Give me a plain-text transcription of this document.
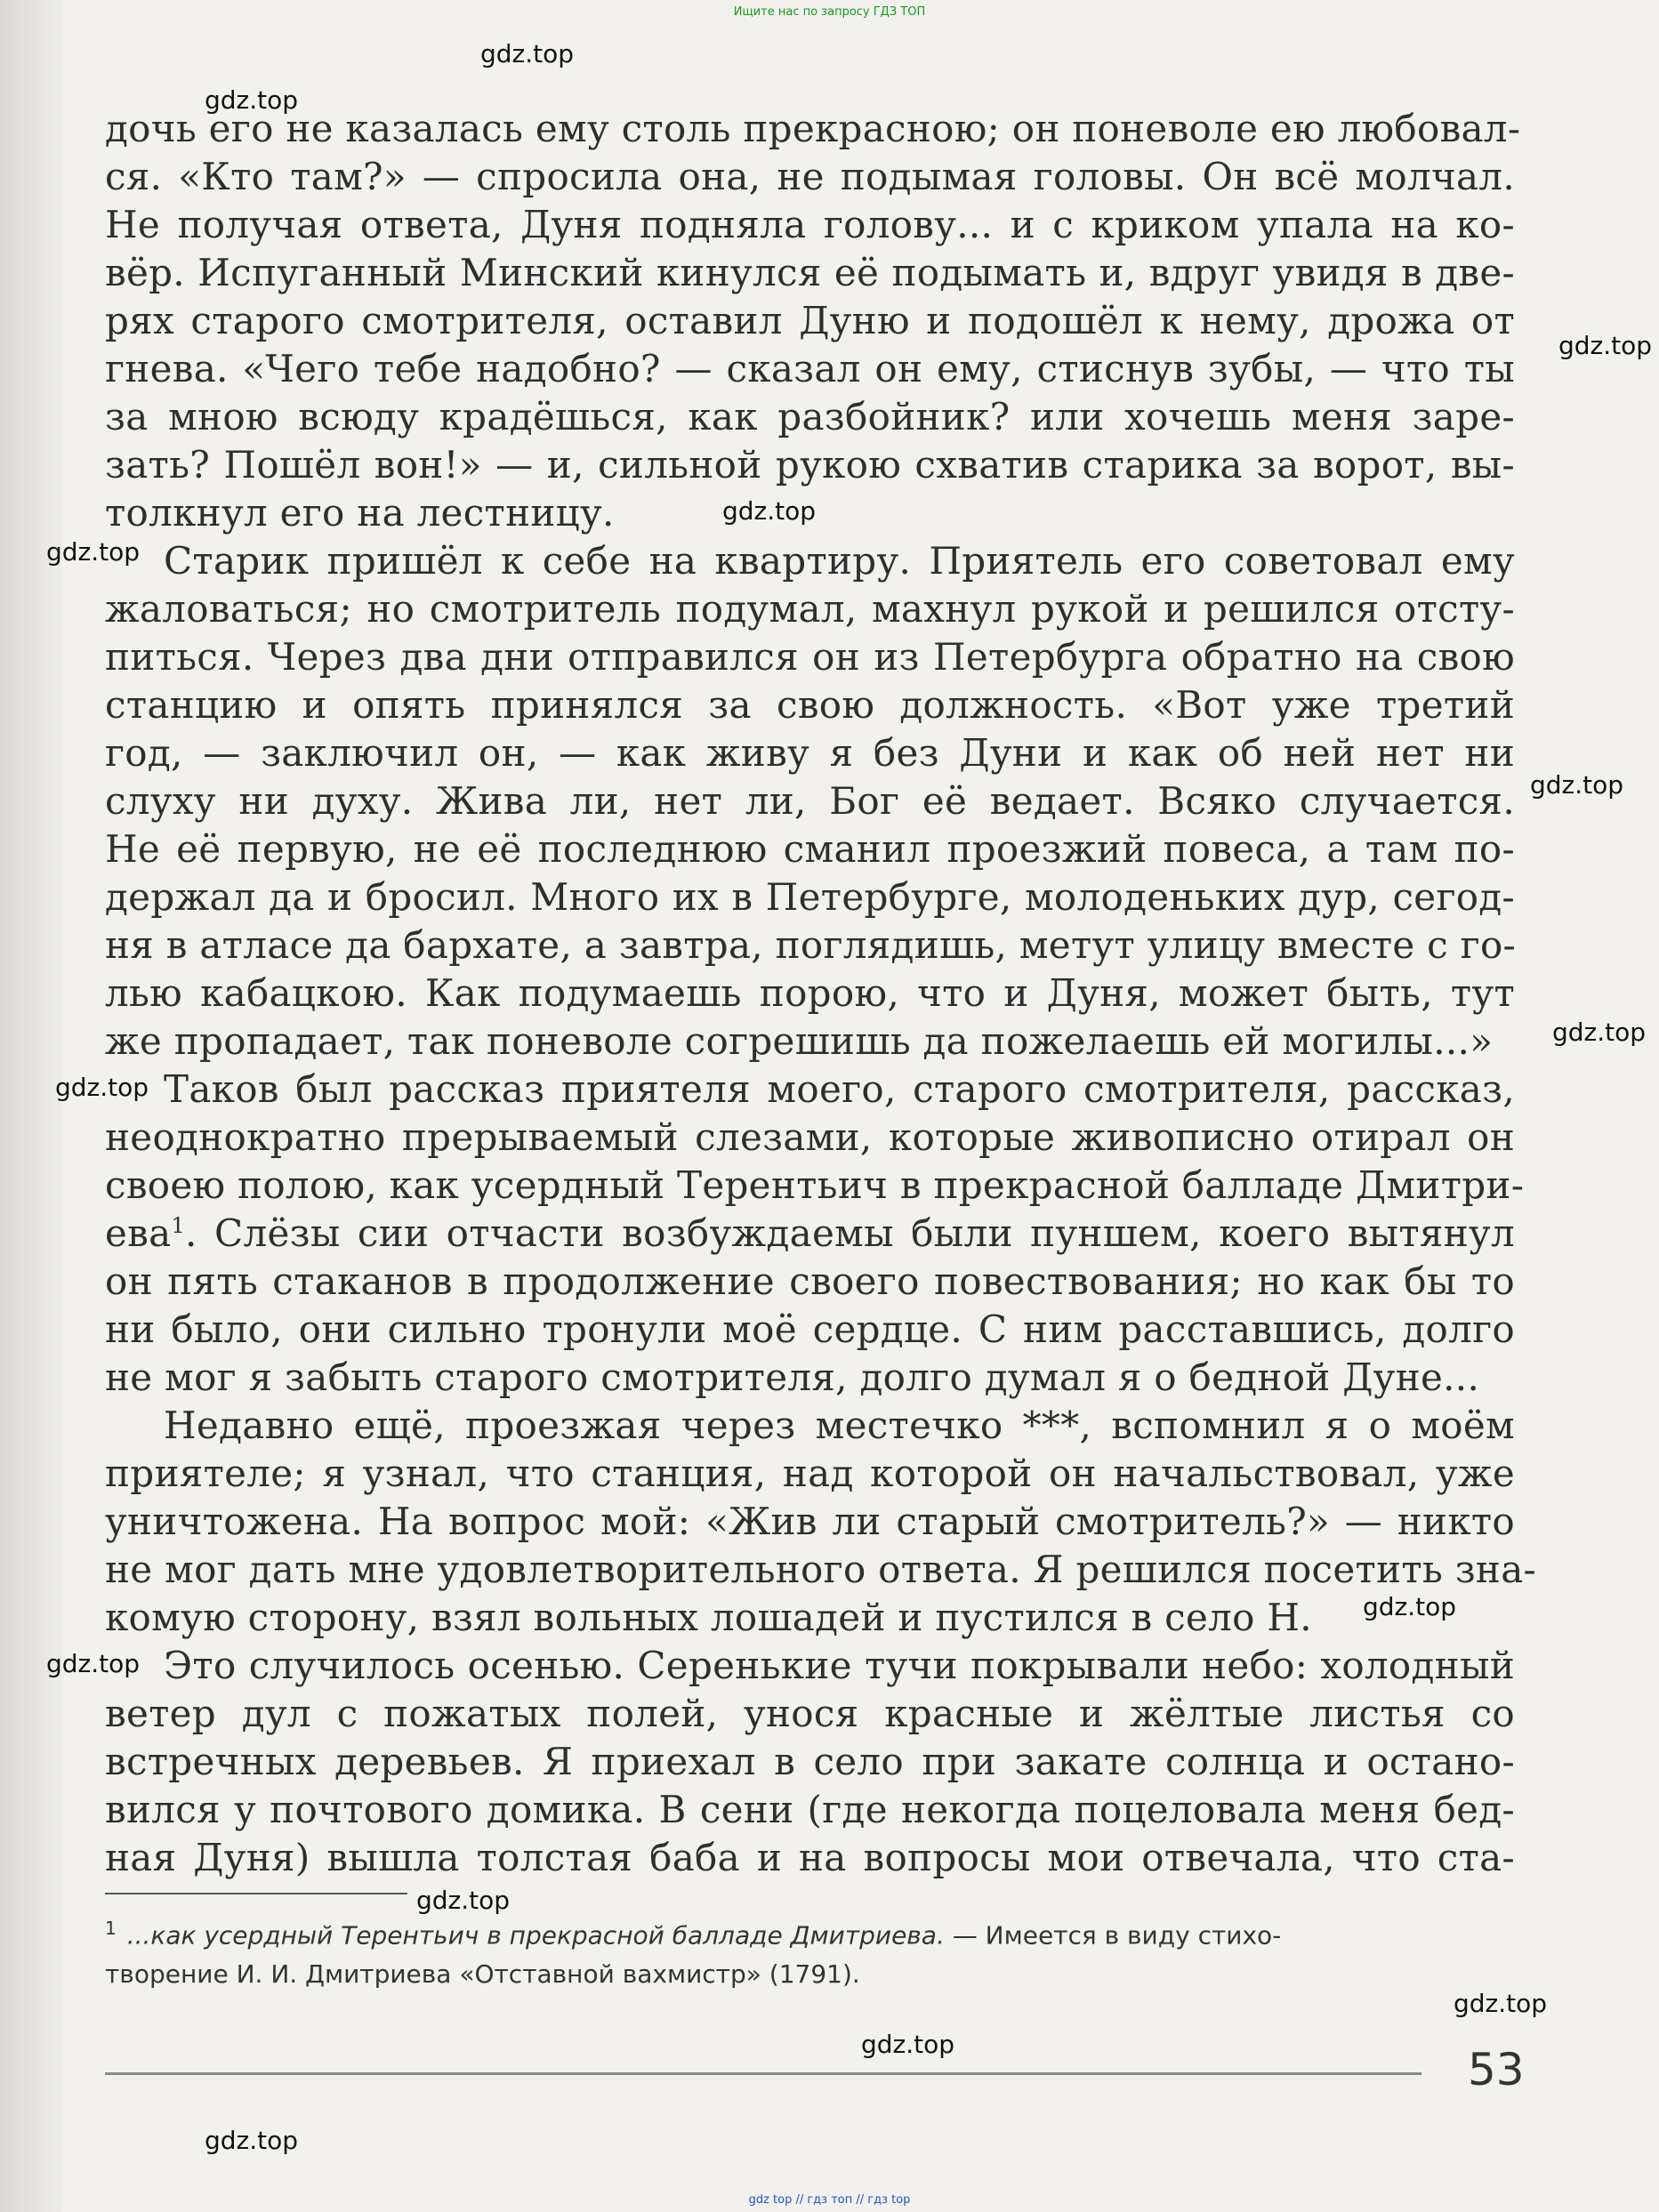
Ищите нас по запросу ГДЗ ТОП
дочь его не казалась ему столь прекрасною; он поневоле ею любовал-
ся. «Кто там?» — спросила она, не подымая головы. Он всё молчал.
Не получая ответа, Дуня подняла голову... и с криком упала на ко-
вёр. Испуганный Минский кинулся её подымать и, вдруг увидя в две-
рях старого смотрителя, оставил Дуню и подошёл к нему, дрожа от
гнева. «Чего тебе надобно? — сказал он ему, стиснув зубы, — что ты
за мною всюду крадёшься, как разбойник? или хочешь меня заре-
зать? Пошёл вон!» — и, сильной рукою схватив старика за ворот, вы-
толкнул его на лестницу.
Старик пришёл к себе на квартиру. Приятель его советовал ему
жаловаться; но смотритель подумал, махнул рукой и решился отсту-
питься. Через два дни отправился он из Петербурга обратно на свою
станцию и опять принялся за свою должность. «Вот уже третий
год, — заключил он, — как живу я без Дуни и как об ней нет ни
слуху ни духу. Жива ли, нет ли, Бог её ведает. Всяко случается.
Не её первую, не её последнюю сманил проезжий повеса, а там по-
держал да и бросил. Много их в Петербурге, молоденьких дур, сегод-
ня в атласе да бархате, а завтра, поглядишь, метут улицу вместе с го-
лью кабацкою. Как подумаешь порою, что и Дуня, может быть, тут
же пропадает, так поневоле согрешишь да пожелаешь ей могилы...»
Таков был рассказ приятеля моего, старого смотрителя, рассказ,
неоднократно прерываемый слезами, которые живописно отирал он
своею полою, как усердный Терентьич в прекрасной балладе Дмитри-
ева$^1$. Слёзы сии отчасти возбуждаемы были пуншем, коего вытянул
он пять стаканов в продолжение своего повествования; но как бы то
ни было, они сильно тронули моё сердце. С ним расставшись, долго
не мог я забыть старого смотрителя, долго думал я о бедной Дуне...
Недавно ещё, проезжая через местечко ***, вспомнил я о моём
приятеле; я узнал, что станция, над которой он начальствовал, уже
уничтожена. На вопрос мой: «Жив ли старый смотритель?» — никто
не мог дать мне удовлетворительного ответа. Я решился посетить зна-
комую сторону, взял вольных лошадей и пустился в село Н.
Это случилось осенью. Серенькие тучи покрывали небо: холодный
ветер дул с пожатых полей, унося красные и жёлтые листья со
встречных деревьев. Я приехал в село при закате солнца и остано-
вился у почтового домика. В сени (где некогда поцеловала меня бед-
ная Дуня) вышла толстая баба и на вопросы мои отвечала, что ста-
$^1$ ...как усердный Терентьич в прекрасной балладе Дмитриева. — Имеется в виду стихо-
творение И. И. Дмитриева «Отставной вахмистр» (1791).
53
gdz.top
gdz.top
gdz.top
gdz.top
gdz.top
gdz.top
gdz.top
gdz.top
gdz.top
gdz.top
gdz.top
gdz.top
gdz.top
gdz.top
gdz top // гдз топ // гдз top
